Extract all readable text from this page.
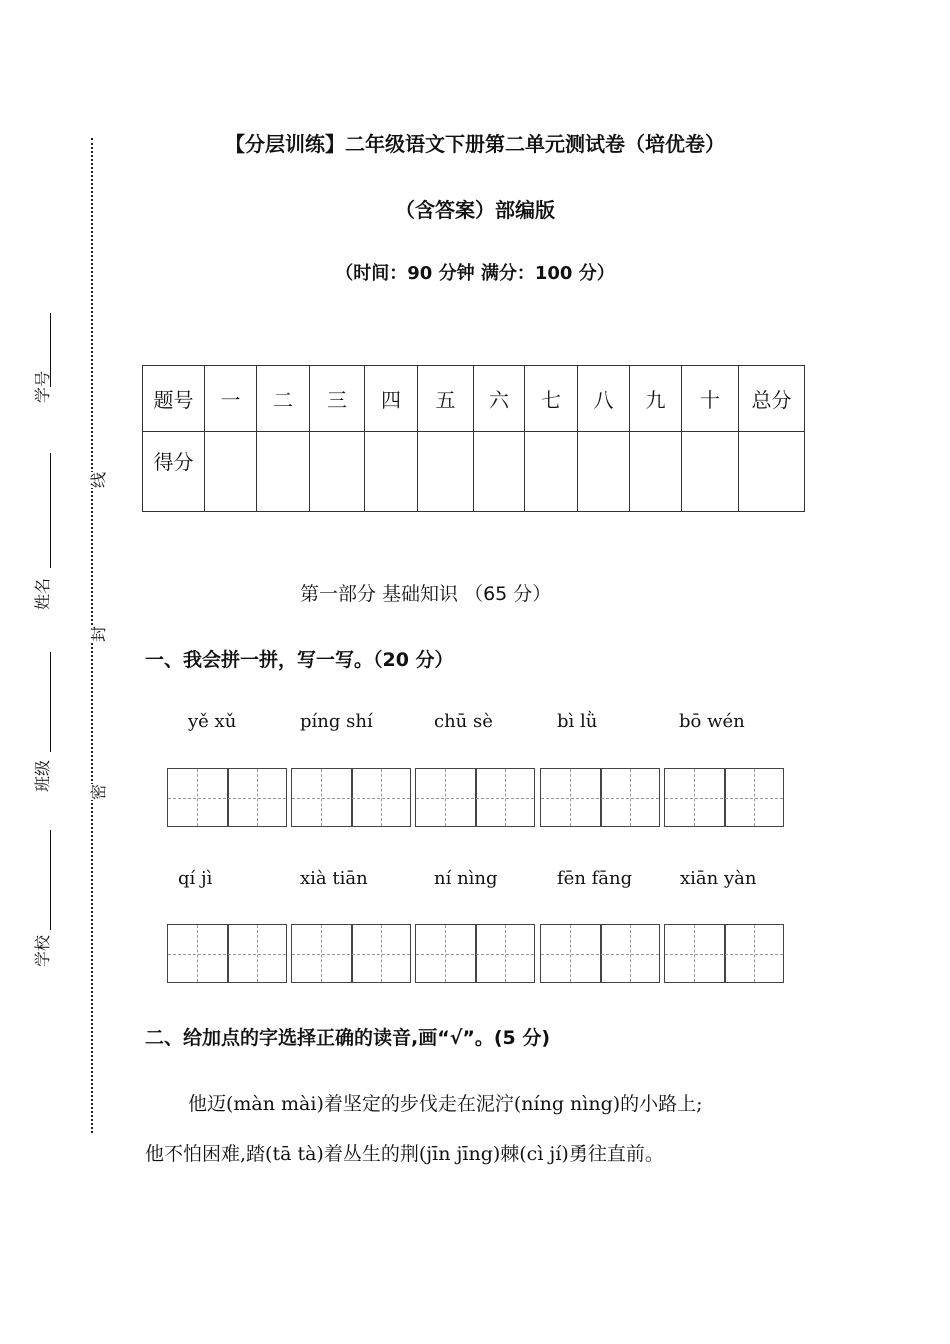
【分层训练】二年级语文下册第二单元测试卷（培优卷）
（含答案）部编版
（时间：90 分钟 满分：100 分）
学号
姓名
班级
学校
线
封
密
题号	一	二	三	四	五	六	七	八	九	十	总分
得分											
第一部分 基础知识 （65 分）
一、我会拼一拼，写一写。（20 分）
yě xǔ	píng shí	chū sè	bì lǜ	bō wén
qí jì	xià tiān	ní nìng	fēn fāng	xiān yàn
二、给加点的字选择正确的读音,画“√”。(5 分)
他迈(màn mài)着坚定的步伐走在泥泞(níng nìng)的小路上;
他不怕困难,踏(tā tà)着丛生的荆(jīn jīng)棘(cì jí)勇往直前。
